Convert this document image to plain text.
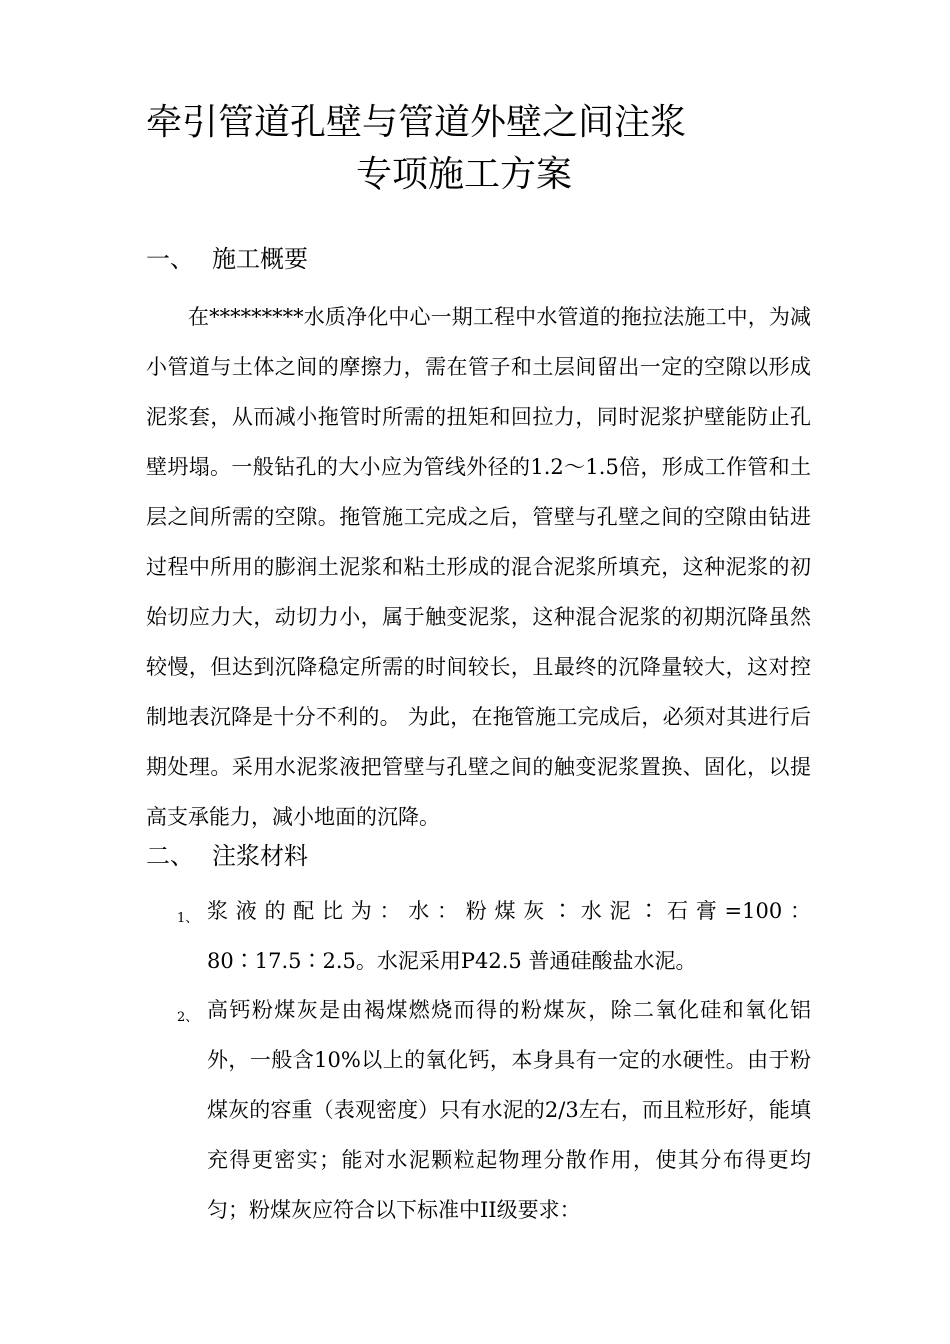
牵引管道孔壁与管道外壁之间注浆
专项施工方案
一、 施工概要

在*********水质净化中心一期工程中水管道的拖拉法施工中，为减小管道与土体之间的摩擦力，需在管子和土层间留出一定的空隙以形成泥浆套，从而减小拖管时所需的扭矩和回拉力，同时泥浆护壁能防止孔壁坍塌。一般钻孔的大小应为管线外径的1.2～1.5倍，形成工作管和土层之间所需的空隙。拖管施工完成之后，管壁与孔壁之间的空隙由钻进过程中所用的膨润土泥浆和粘土形成的混合泥浆所填充，这种泥浆的初始切应力大，动切力小，属于触变泥浆，这种混合泥浆的初期沉降虽然较慢，但达到沉降稳定所需的时间较长，且最终的沉降量较大，这对控制地表沉降是十分不利的。 为此，在拖管施工完成后，必须对其进行后期处理。采用水泥浆液把管壁与孔壁之间的触变泥浆置换、固化，以提高支承能力，减小地面的沉降。

二、 注浆材料
1、 浆液的配比为：水：粉煤灰∶水泥∶石膏=100：80∶17.5∶2.5。水泥采用P42.5 普通硅酸盐水泥。
2、 高钙粉煤灰是由褐煤燃烧而得的粉煤灰，除二氧化硅和氧化铝外，一般含10%以上的氧化钙，本身具有一定的水硬性。由于粉煤灰的容重（表观密度）只有水泥的2/3左右，而且粒形好，能填充得更密实；能对水泥颗粒起物理分散作用，使其分布得更均匀；粉煤灰应符合以下标准中II级要求：
